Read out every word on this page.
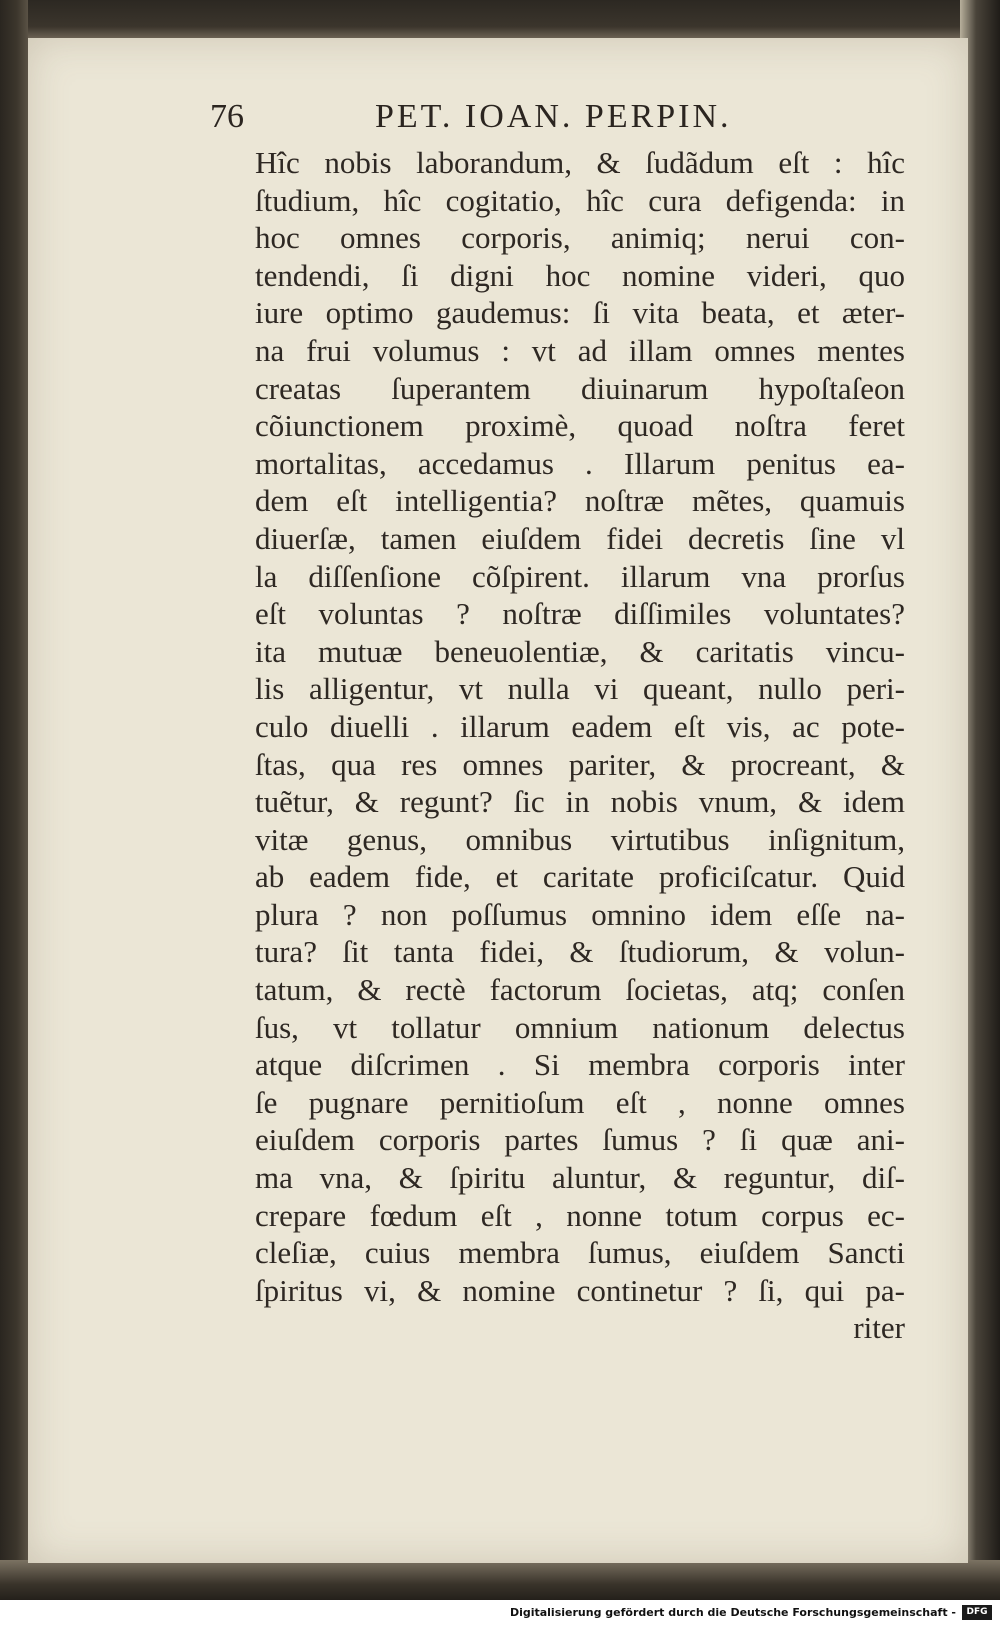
76	PET. IOAN. PERPIN.
Hîc nobis laborandum, & ſudãdum eſt : hîc
ſtudium, hîc cogitatio, hîc cura defigenda: in
hoc omnes corporis, animiq; nerui con-
tendendi, ſi digni hoc nomine videri, quo
iure optimo gaudemus: ſi vita beata, et æter-
na frui volumus : vt ad illam omnes mentes
creatas ſuperantem diuinarum hypoſtaſeon
cõiunctionem proximè, quoad noſtra feret
mortalitas, accedamus . Illarum penitus ea-
dem eſt intelligentia? noſtræ mẽtes, quamuis
diuerſæ, tamen eiuſdem fidei decretis ſine vl
la diſſenſione cõſpirent. illarum vna prorſus
eſt voluntas ? noſtræ diſſimiles voluntates?
ita mutuæ beneuolentiæ, & caritatis vincu-
lis alligentur, vt nulla vi queant, nullo peri-
culo diuelli . illarum eadem eſt vis, ac pote-
ſtas, qua res omnes pariter, & procreant, &
tuẽtur, & regunt? ſic in nobis vnum, & idem
vitæ genus, omnibus virtutibus inſignitum,
ab eadem fide, et caritate proficiſcatur. Quid
plura ? non poſſumus omnino idem eſſe na-
tura? ſit tanta fidei, & ſtudiorum, & volun-
tatum, & rectè factorum ſocietas, atq; conſen
ſus, vt tollatur omnium nationum delectus
atque diſcrimen . Si membra corporis inter
ſe pugnare pernitioſum eſt , nonne omnes
eiuſdem corporis partes ſumus ? ſi quæ ani-
ma vna, & ſpiritu aluntur, & reguntur, diſ-
crepare fœdum eſt , nonne totum corpus ec-
cleſiæ, cuius membra ſumus, eiuſdem Sancti
ſpiritus vi, & nomine continetur ? ſi, qui pa-
riter
Digitalisierung gefördert durch die Deutsche Forschungsgemeinschaft -	DFG
